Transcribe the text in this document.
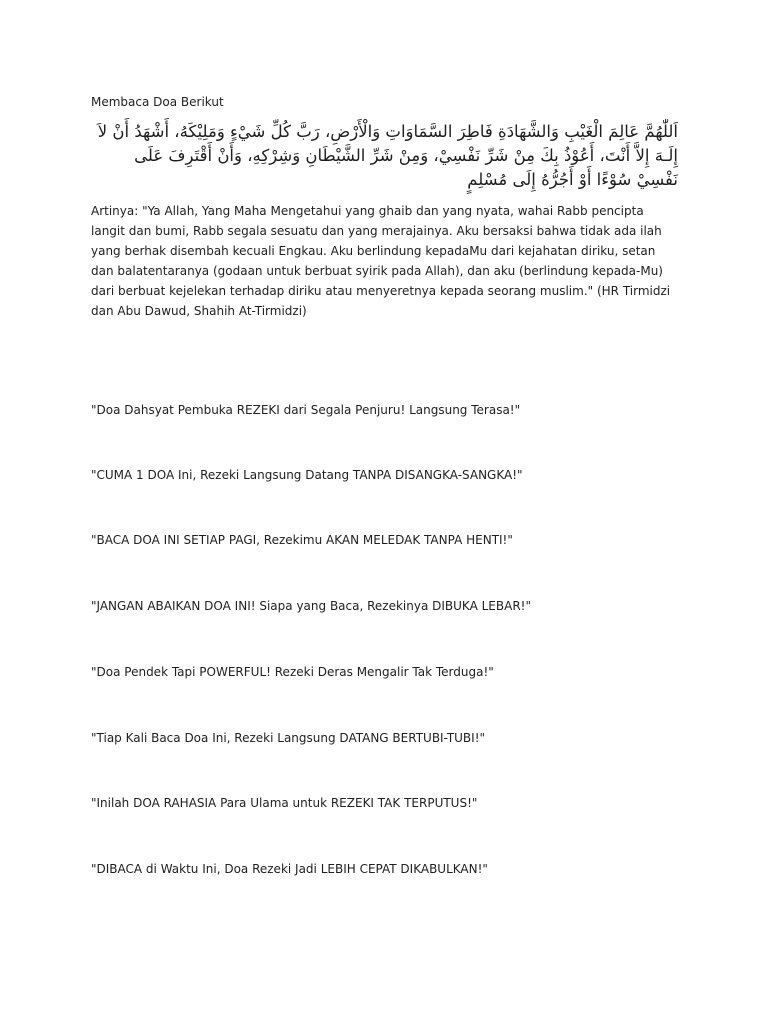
Membaca Doa Berikut
اَللّٰهُمَّ عَالِمَ الْغَيْبِ وَالشَّهَادَةِ فَاطِرَ السَّمَاوَاتِ وَالْأَرْضِ، رَبَّ كُلِّ شَيْءٍ وَمَلِيْكَهُ، أَشْهَدُ أَنْ لاَ إِلَـهَ إِلاَّ أَنْتَ، أَعُوْذُ بِكَ مِنْ شَرِّ نَفْسِيْ، وَمِنْ شَرِّ الشَّيْطَانِ وَشِرْكِهِ، وَأَنْ أَقْتَرِفَ عَلَى نَفْسِيْ سُوْءًا أَوْ أَجُرُّهُ إِلَى مُسْلِمٍ
Artinya: "Ya Allah, Yang Maha Mengetahui yang ghaib dan yang nyata, wahai Rabb pencipta langit dan bumi, Rabb segala sesuatu dan yang merajainya. Aku bersaksi bahwa tidak ada ilah yang berhak disembah kecuali Engkau. Aku berlindung kepadaMu dari kejahatan diriku, setan dan balatentaranya (godaan untuk berbuat syirik pada Allah), dan aku (berlindung kepada-Mu) dari berbuat kejelekan terhadap diriku atau menyeretnya kepada seorang muslim." (HR Tirmidzi dan Abu Dawud, Shahih At-Tirmidzi)
"Doa Dahsyat Pembuka REZEKI dari Segala Penjuru! Langsung Terasa!"
"CUMA 1 DOA Ini, Rezeki Langsung Datang TANPA DISANGKA-SANGKA!"
"BACA DOA INI SETIAP PAGI, Rezekimu AKAN MELEDAK TANPA HENTI!"
"JANGAN ABAIKAN DOA INI! Siapa yang Baca, Rezekinya DIBUKA LEBAR!"
"Doa Pendek Tapi POWERFUL! Rezeki Deras Mengalir Tak Terduga!"
"Tiap Kali Baca Doa Ini, Rezeki Langsung DATANG BERTUBI-TUBI!"
"Inilah DOA RAHASIA Para Ulama untuk REZEKI TAK TERPUTUS!"
"DIBACA di Waktu Ini, Doa Rezeki Jadi LEBIH CEPAT DIKABULKAN!"
